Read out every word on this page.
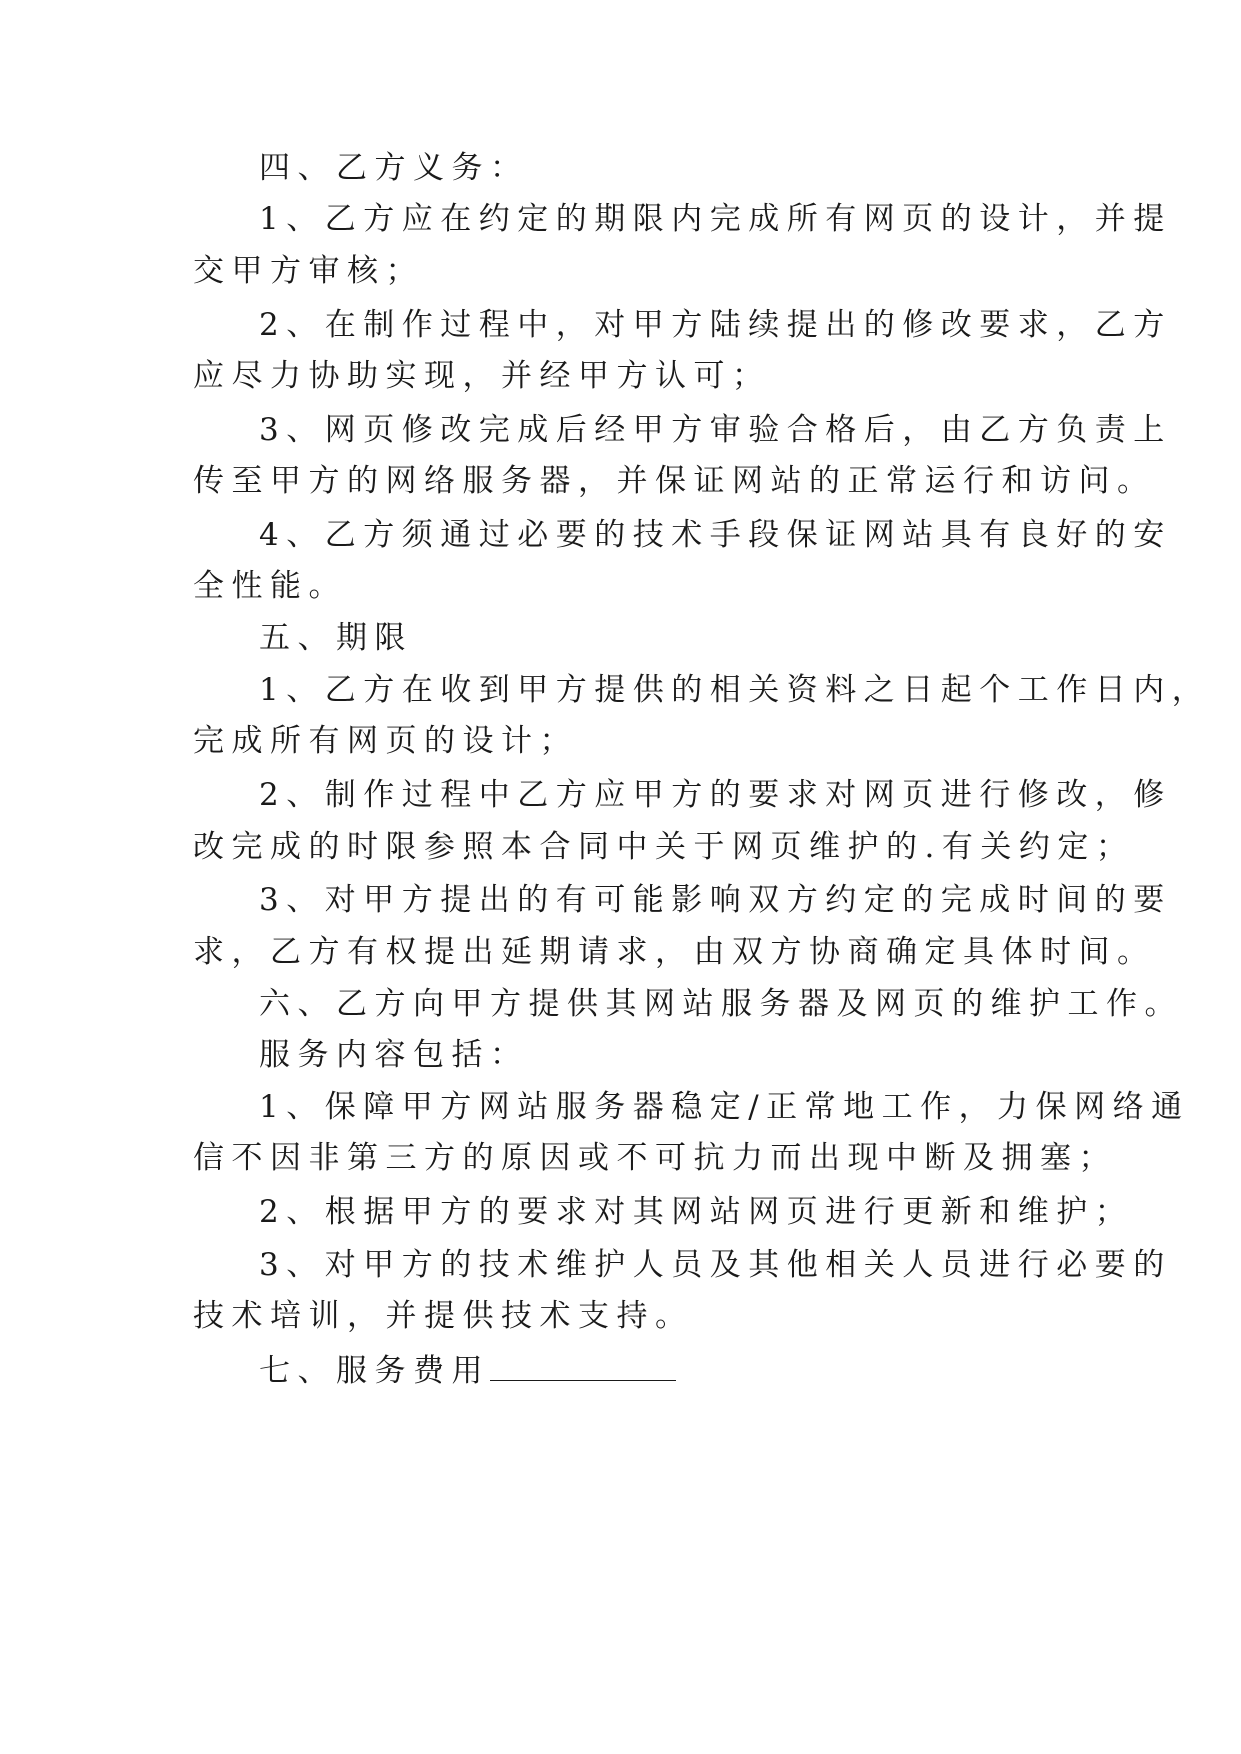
四、乙方义务：
1、乙方应在约定的期限内完成所有网页的设计，并提
交甲方审核；
2、在制作过程中，对甲方陆续提出的修改要求，乙方
应尽力协助实现，并经甲方认可；
3、网页修改完成后经甲方审验合格后，由乙方负责上
传至甲方的网络服务器，并保证网站的正常运行和访问。
4、乙方须通过必要的技术手段保证网站具有良好的安
全性能。
五、期限
1、乙方在收到甲方提供的相关资料之日起个工作日内，
完成所有网页的设计；
2、制作过程中乙方应甲方的要求对网页进行修改，修
改完成的时限参照本合同中关于网页维护的.有关约定；
3、对甲方提出的有可能影响双方约定的完成时间的要
求，乙方有权提出延期请求，由双方协商确定具体时间。
六、乙方向甲方提供其网站服务器及网页的维护工作。
服务内容包括：
1、保障甲方网站服务器稳定/正常地工作，力保网络通
信不因非第三方的原因或不可抗力而出现中断及拥塞；
2、根据甲方的要求对其网站网页进行更新和维护；
3、对甲方的技术维护人员及其他相关人员进行必要的
技术培训，并提供技术支持。
七、服务费用
